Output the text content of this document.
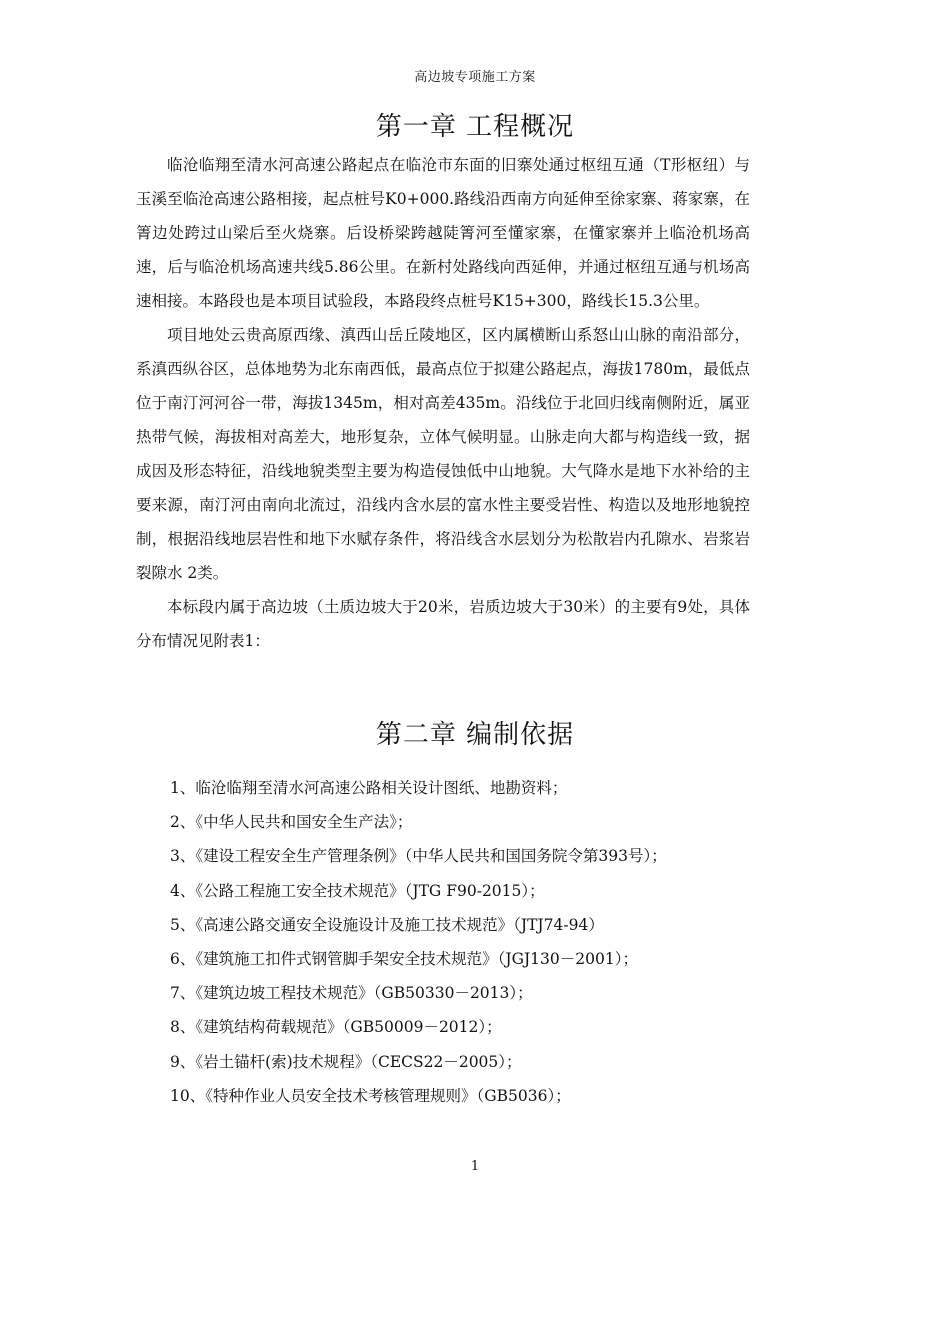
高边坡专项施工方案
第一章 工程概况

临沧临翔至清水河高速公路起点在临沧市东面的旧寨处通过枢纽互通（T形枢纽）与玉溪至临沧高速公路相接，起点桩号K0+000.路线沿西南方向延伸至徐家寨、蒋家寨，在箐边处跨过山梁后至火烧寨。后设桥梁跨越陡箐河至懂家寨，在懂家寨并上临沧机场高速，后与临沧机场高速共线5.86公里。在新村处路线向西延伸，并通过枢纽互通与机场高速相接。本路段也是本项目试验段，本路段终点桩号K15+300，路线长15.3公里。

项目地处云贵高原西缘、滇西山岳丘陵地区，区内属横断山系怒山山脉的南沿部分，系滇西纵谷区，总体地势为北东南西低，最高点位于拟建公路起点，海拔1780m，最低点位于南汀河河谷一带，海拔1345m，相对高差435m。沿线位于北回归线南侧附近，属亚热带气候，海拔相对高差大，地形复杂，立体气候明显。山脉走向大都与构造线一致，据成因及形态特征，沿线地貌类型主要为构造侵蚀低中山地貌。大气降水是地下水补给的主要来源，南汀河由南向北流过，沿线内含水层的富水性主要受岩性、构造以及地形地貌控制，根据沿线地层岩性和地下水赋存条件，将沿线含水层划分为松散岩内孔隙水、岩浆岩裂隙水 2类。

本标段内属于高边坡（土质边坡大于20米，岩质边坡大于30米）的主要有9处，具体分布情况见附表1：

第二章 编制依据
1、临沧临翔至清水河高速公路相关设计图纸、地勘资料；
2、《中华人民共和国安全生产法》；
3、《建设工程安全生产管理条例》（中华人民共和国国务院令第393号）；
4、《公路工程施工安全技术规范》（JTG F90-2015）；
5、《高速公路交通安全设施设计及施工技术规范》（JTJ74-94）
6、《建筑施工扣件式钢管脚手架安全技术规范》（JGJ130－2001）；
7、《建筑边坡工程技术规范》（GB50330－2013）；
8、《建筑结构荷载规范》（GB50009－2012）；
9、《岩土锚杆(索)技术规程》（CECS22－2005）；
10、《特种作业人员安全技术考核管理规则》（GB5036）；
1
